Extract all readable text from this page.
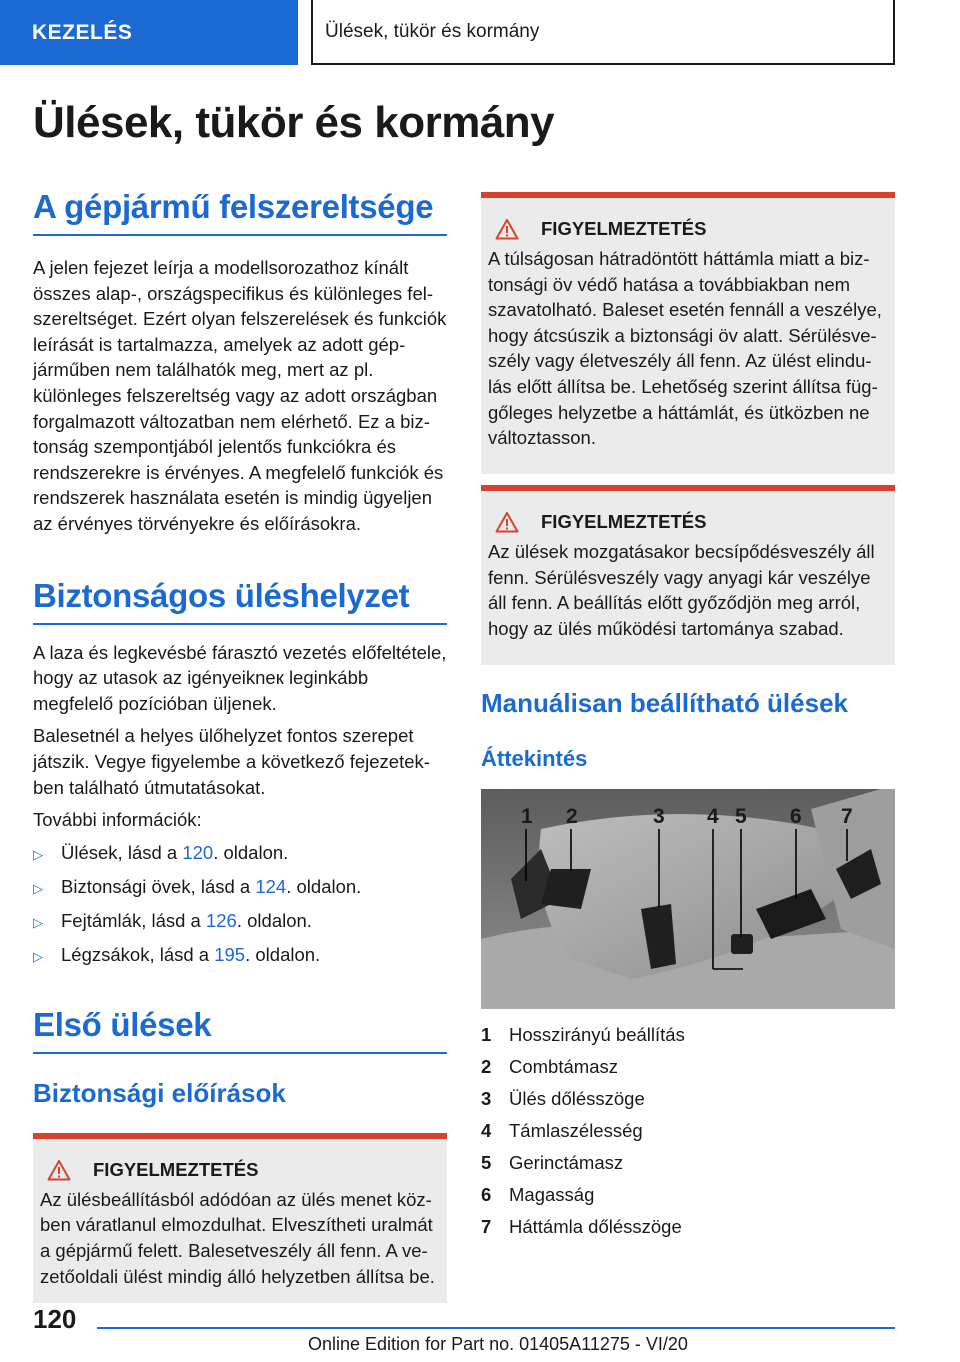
KEZELÉS	Ülések, tükör és kormány
Ülések, tükör és kormány
A gépjármű felszereltsége

A jelen fejezet leírja a modellsorozathoz kínált összes alap-, országspecifikus és különleges felszereltséget. Ezért olyan felszerelések és funkciók leírását is tartalmazza, amelyek az adott gépjárműben nem találhatók meg, mert az pl. különleges felszereltség vagy az adott országban forgalmazott változatban nem elérhető. Ez a biztonság szempontjából jelentős funkciókra és rendszerekre is érvényes. A megfelelő funkciók és rendszerek használata esetén is mindig ügyeljen az érvényes törvényekre és előírásokra.

Biztonságos üléshelyzet

A laza és legkevésbé fárasztó vezetés előfeltétele, hogy az utasok az igényeikneк leginkább megfelelő pozícióban üljenek.

Balesetnél a helyes ülőhelyzet fontos szerepet játszik. Vegye figyelembe a következő fejezetekben található útmutatásokat.

További információk:

▷ Ülések, lásd a 120. oldalon.
▷ Biztonsági övek, lásd a 124. oldalon.
▷ Fejtámlák, lásd a 126. oldalon.
▷ Légzsákok, lásd a 195. oldalon.
Első ülések
Biztonsági előírások
FIGYELMEZTETÉS

Az ülésbeállításból adódóan az ülés menet közben váratlanul elmozdulhat. Elveszítheti uralmát a gépjármű felett. Balesetveszély áll fenn. A vezetőoldali ülést mindig álló helyzetben állítsa be.

FIGYELMEZTETÉS

A túlságosan hátradöntött háttámla miatt a biztonsági öv védő hatása a továbbiakban nem szavatolható. Baleset esetén fennáll a veszélye, hogy átcsúszik a biztonsági öv alatt. Sérülésveszély vagy életveszély áll fenn. Az ülést elindulás előtt állítsa be. Lehetőség szerint állítsa függőleges helyzetbe a háttámlát, és ütközben ne változtasson.

FIGYELMEZTETÉS

Az ülések mozgatásakor becsípődésveszély áll fenn. Sérülésveszély vagy anyagi kár veszélye áll fenn. A beállítás előtt győződjön meg arról, hogy az ülés működési tartománya szabad.

Manuálisan beállítható ülések
Áttekintés
1 2	3 4 5 6 7
1 Hosszirányú beállítás
2 Combtámasz
3 Ülés dőlésszöge
4 Támlaszélesség
5 Gerinctámasz
6 Magasság
7 Háttámla dőlésszöge
120
Online Edition for Part no. 01405A11275 - VI/20
